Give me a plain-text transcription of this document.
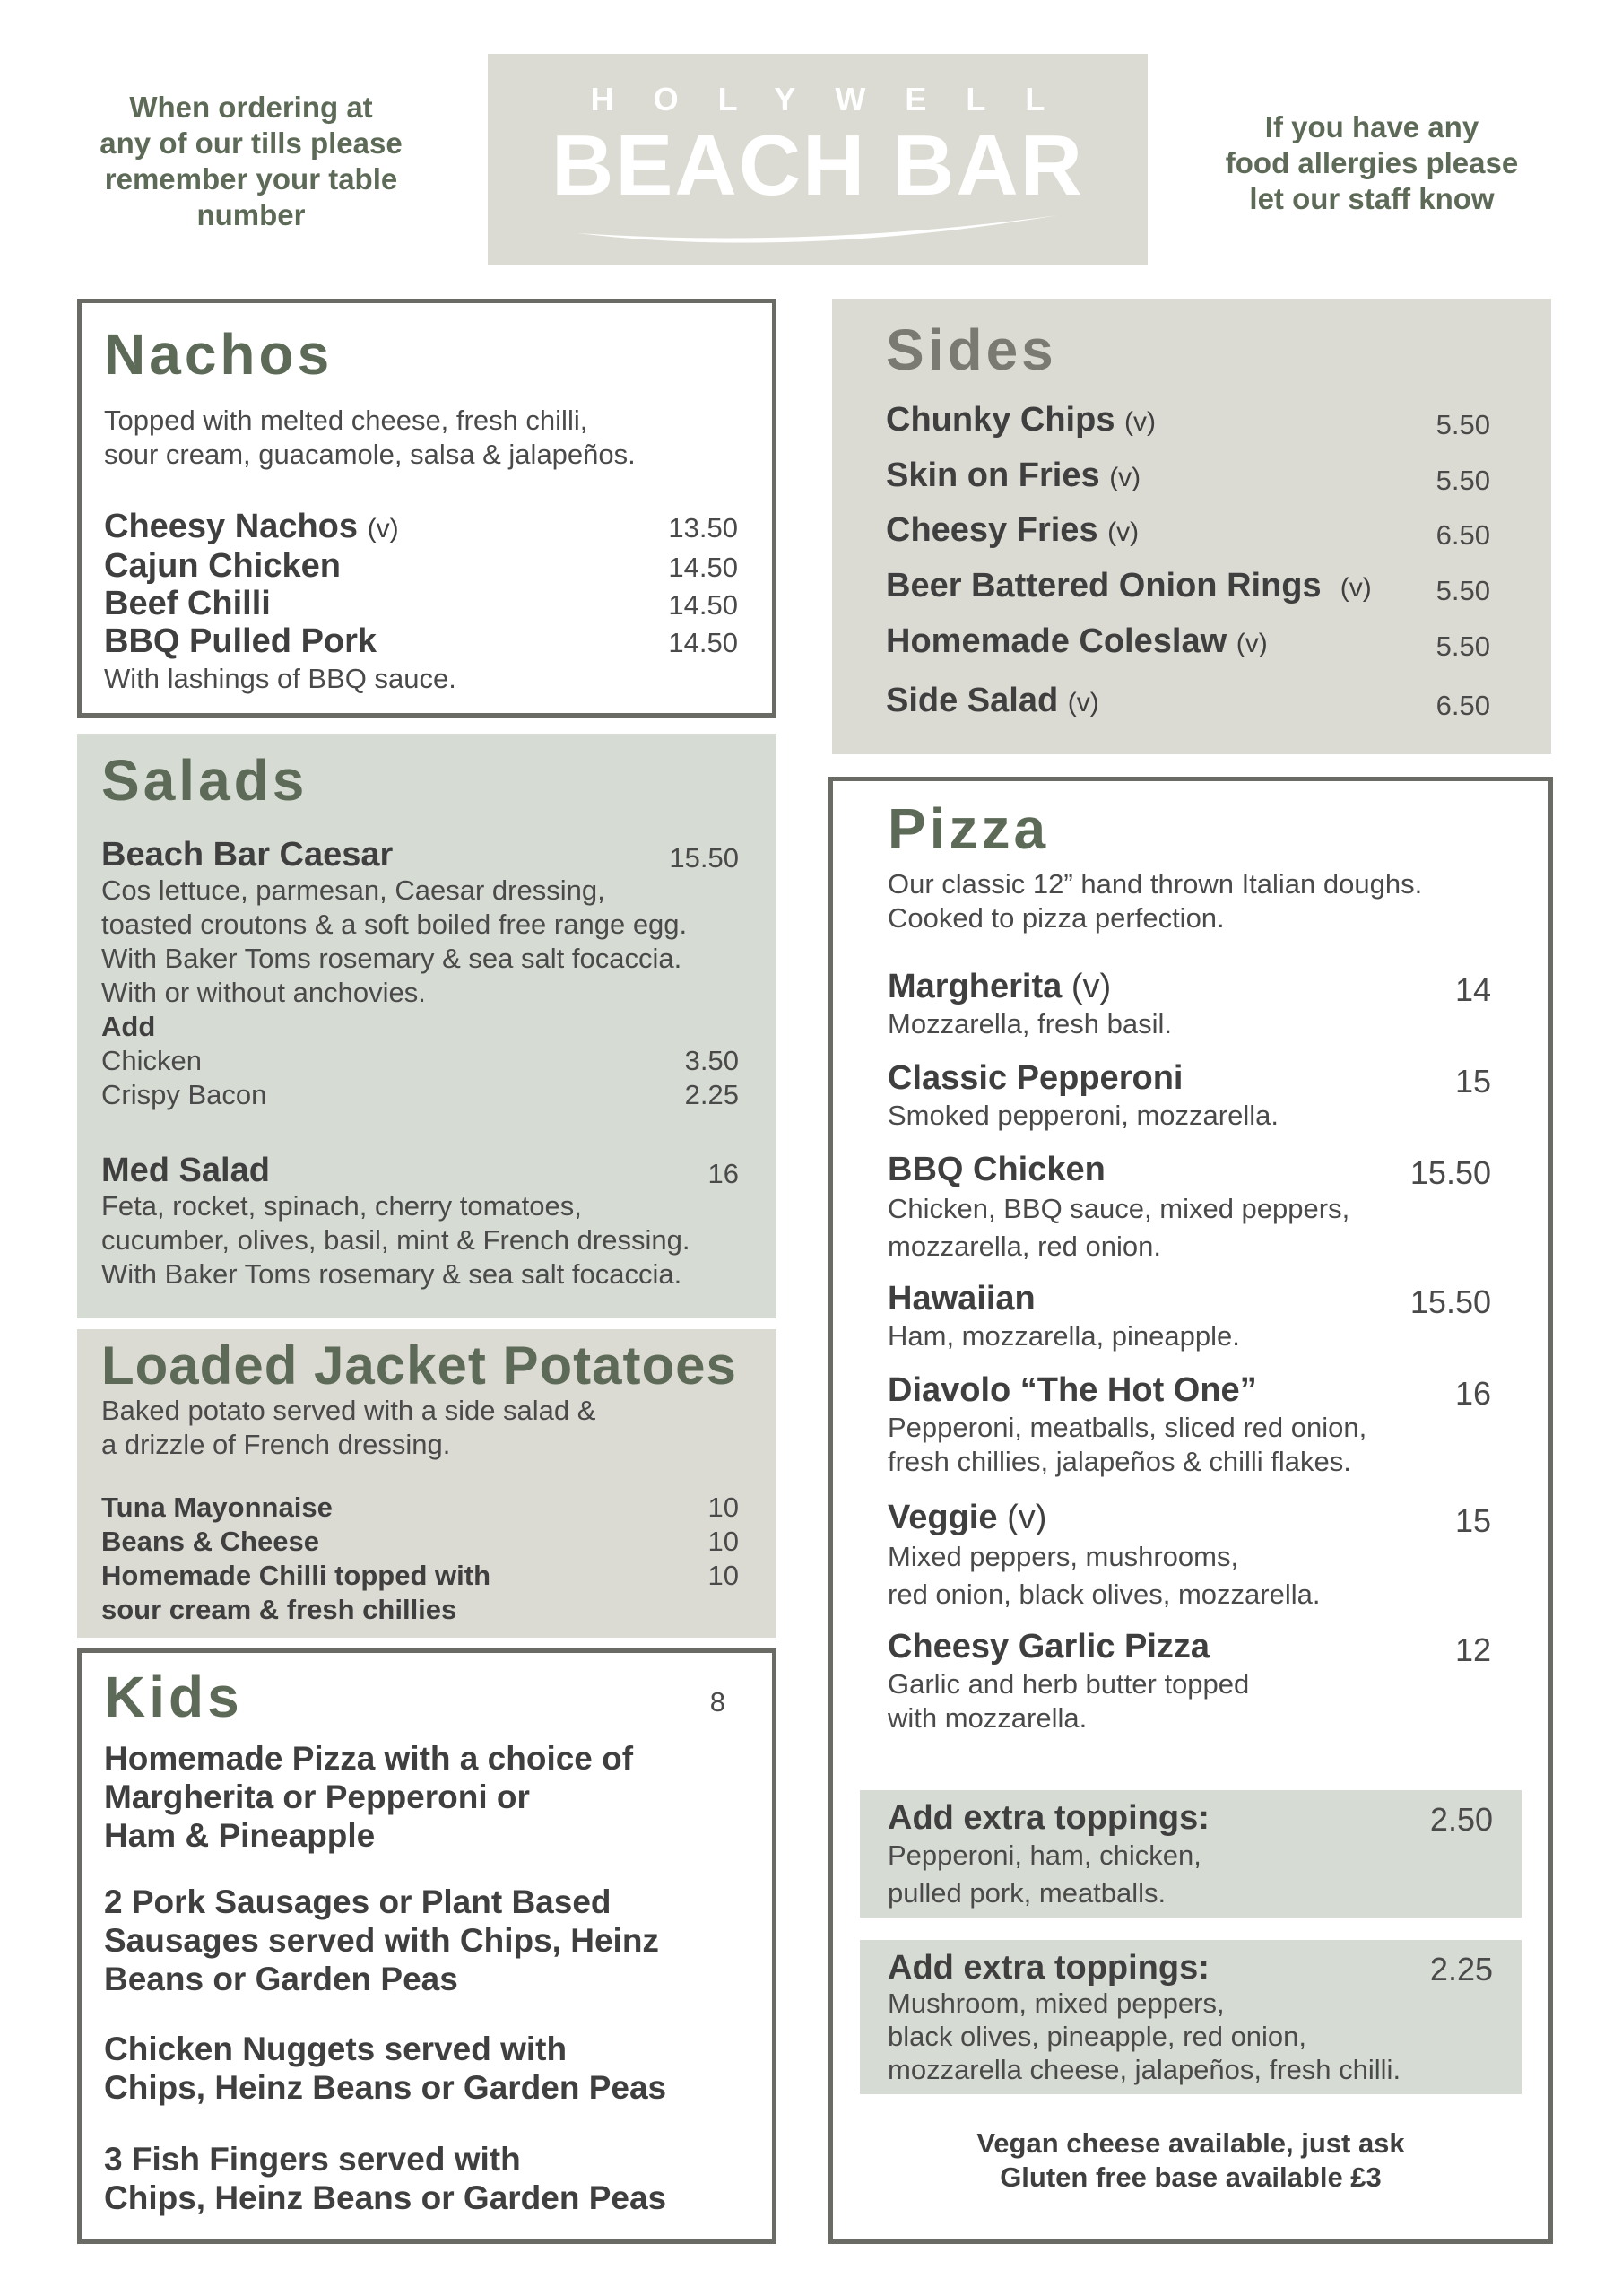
When ordering at
any of our tills please
remember your table
number
HOLYWELL
BEACH BAR	If you have any
food allergies please
let our staff know
Nachos
Topped with melted cheese, fresh chilli,
sour cream, guacamole, salsa & jalapeños.
Cheesy Nachos (v)	13.50
Cajun Chicken	14.50
Beef Chilli	14.50
BBQ Pulled Pork	14.50
With lashings of BBQ sauce.
Salads
Beach Bar Caesar	15.50
Cos lettuce, parmesan, Caesar dressing,
toasted croutons & a soft boiled free range egg.
With Baker Toms rosemary & sea salt focaccia.
With or without anchovies.
Add
Chicken	3.50
Crispy Bacon	2.25
Med Salad	16
Feta, rocket, spinach, cherry tomatoes,
cucumber, olives, basil, mint & French dressing.
With Baker Toms rosemary & sea salt focaccia.
Loaded Jacket Potatoes
Baked potato served with a side salad &
a drizzle of French dressing.
Tuna Mayonnaise	10
Beans & Cheese	10
Homemade Chilli topped with	10
sour cream & fresh chillies
Kids	8
Homemade Pizza with a choice of
Margherita or Pepperoni or
Ham & Pineapple
2 Pork Sausages or Plant Based
Sausages served with Chips, Heinz
Beans or Garden Peas
Chicken Nuggets served with
Chips, Heinz Beans or Garden Peas
3 Fish Fingers served with
Chips, Heinz Beans or Garden Peas
Sides
Chunky Chips (v)	5.50
Skin on Fries (v)	5.50
Cheesy Fries (v)	6.50
Beer Battered Onion Rings (v) 5.50
Homemade Coleslaw (v)	5.50
Side Salad (v)	6.50
Pizza
Our classic 12” hand thrown Italian doughs.
Cooked to pizza perfection.
Margherita (v)	14
Mozzarella, fresh basil.
Classic Pepperoni	15
Smoked pepperoni, mozzarella.
BBQ Chicken	15.50
Chicken, BBQ sauce, mixed peppers,
mozzarella, red onion.
Hawaiian	15.50
Ham, mozzarella, pineapple.
Diavolo “The Hot One”	16
Pepperoni, meatballs, sliced red onion,
fresh chillies, jalapeños & chilli flakes.
Veggie (v)	15
Mixed peppers, mushrooms,
red onion, black olives, mozzarella.
Cheesy Garlic Pizza	12
Garlic and herb butter topped
with mozzarella.
Add extra toppings:	2.50
Pepperoni, ham, chicken,
pulled pork, meatballs.
Add extra toppings:	2.25
Mushroom, mixed peppers,
black olives, pineapple, red onion,
mozzarella cheese, jalapeños, fresh chilli.
Vegan cheese available, just ask
Gluten free base available £3
